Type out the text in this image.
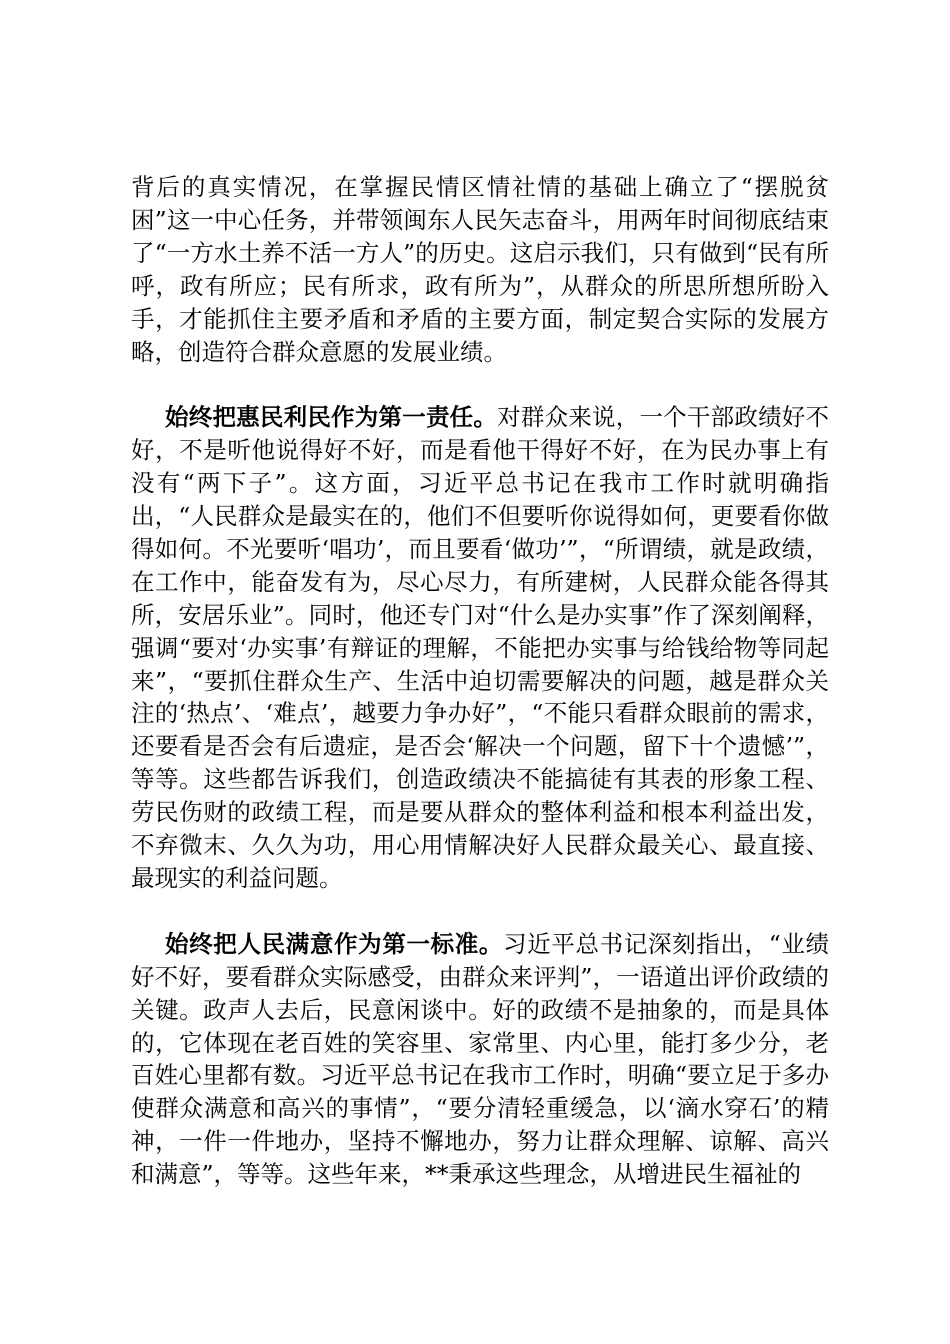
背后的真实情况，在掌握民情区情社情的基础上确立了“摆脱贫困”这一中心任务，并带领闽东人民矢志奋斗，用两年时间彻底结束了“一方水土养不活一方人”的历史。这启示我们，只有做到“民有所呼，政有所应；民有所求，政有所为”，从群众的所思所想所盼入手，才能抓住主要矛盾和矛盾的主要方面，制定契合实际的发展方略，创造符合群众意愿的发展业绩。

始终把惠民利民作为第一责任。对群众来说，一个干部政绩好不好，不是听他说得好不好，而是看他干得好不好，在为民办事上有没有“两下子”。这方面，习近平总书记在我市工作时就明确指出，“人民群众是最实在的，他们不但要听你说得如何，更要看你做得如何。不光要听‘唱功’，而且要看‘做功’”，“所谓绩，就是政绩，在工作中，能奋发有为，尽心尽力，有所建树，人民群众能各得其所，安居乐业”。同时，他还专门对“什么是办实事”作了深刻阐释，强调“要对‘办实事’有辩证的理解，不能把办实事与给钱给物等同起来”，“要抓住群众生产、生活中迫切需要解决的问题，越是群众关注的‘热点’、‘难点’，越要力争办好”，“不能只看群众眼前的需求，还要看是否会有后遗症，是否会‘解决一个问题，留下十个遗憾’”，等等。这些都告诉我们，创造政绩决不能搞徒有其表的形象工程、劳民伤财的政绩工程，而是要从群众的整体利益和根本利益出发，不弃微末、久久为功，用心用情解决好人民群众最关心、最直接、最现实的利益问题。

始终把人民满意作为第一标准。习近平总书记深刻指出，“业绩好不好，要看群众实际感受，由群众来评判”，一语道出评价政绩的关键。政声人去后，民意闲谈中。好的政绩不是抽象的，而是具体的，它体现在老百姓的笑容里、家常里、内心里，能打多少分，老百姓心里都有数。习近平总书记在我市工作时，明确“要立足于多办使群众满意和高兴的事情”，“要分清轻重缓急，以‘滴水穿石’的精神，一件一件地办，坚持不懈地办，努力让群众理解、谅解、高兴和满意”，等等。这些年来，**秉承这些理念，从增进民生福祉的
